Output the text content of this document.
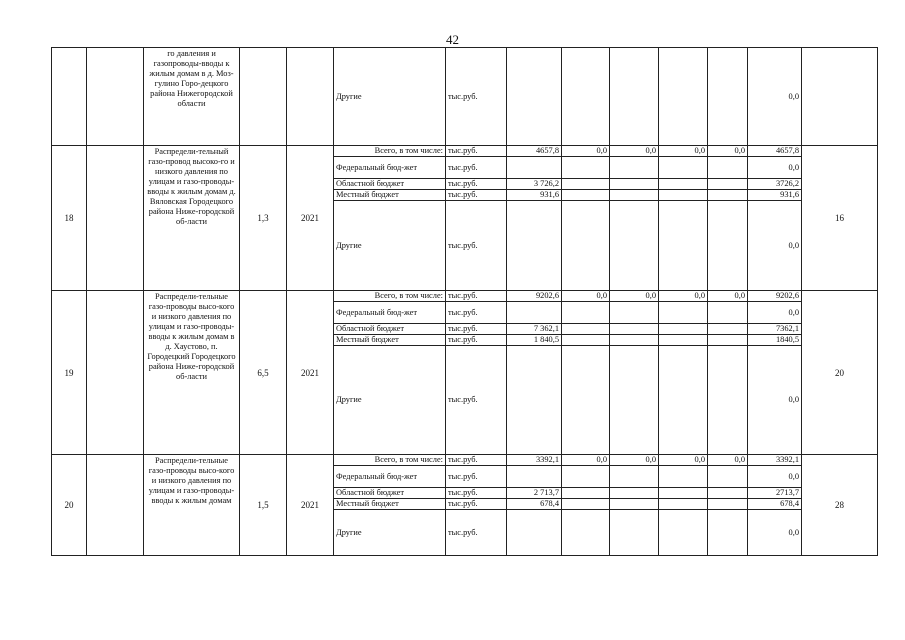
42
		го давления и газопроводы-вводы к жилым домам в д. Моз-гулино Горо-децкого района Нижегородской области			Другие	тыс.руб.						0,0	
18		Распредели-тельный газо-провод высоко-го и низкого давления по улицам и газо-проводы-вводы к жилым домам д. Вяловская Городецкого района Ниже-городской об-ласти	1,3	2021	Всего, в том числе:	тыс.руб.	4657,8	0,0	0,0	0,0	0,0	4657,8	16
					Федеральный бюд-жет	тыс.руб.						0,0	
					Областной бюджет	тыс.руб.	3 726,2					3726,2	
					Местный бюджет	тыс.руб.	931,6					931,6	
					Другие	тыс.руб.						0,0	
19		Распредели-тельные газо-проводы высо-кого и низкого давления по улицам и газо-проводы-вводы к жилым домам в д. Хаустово, п. Городецкий Городецкого района Ниже-городской об-ласти	6,5	2021	Всего, в том числе:	тыс.руб.	9202,6	0,0	0,0	0,0	0,0	9202,6	20
					Федеральный бюд-жет	тыс.руб.						0,0	
					Областной бюджет	тыс.руб.	7 362,1					7362,1	
					Местный бюджет	тыс.руб.	1 840,5					1840,5	
					Другие	тыс.руб.						0,0	
20		Распредели-тельные газо-проводы высо-кого и низкого давления по улицам и газо-проводы-вводы к жилым домам	1,5	2021	Всего, в том числе:	тыс.руб.	3392,1	0,0	0,0	0,0	0,0	3392,1	28
					Федеральный бюд-жет	тыс.руб.						0,0	
					Областной бюджет	тыс.руб.	2 713,7					2713,7	
					Местный бюджет	тыс.руб.	678,4					678,4	
					Другие	тыс.руб.						0,0	
